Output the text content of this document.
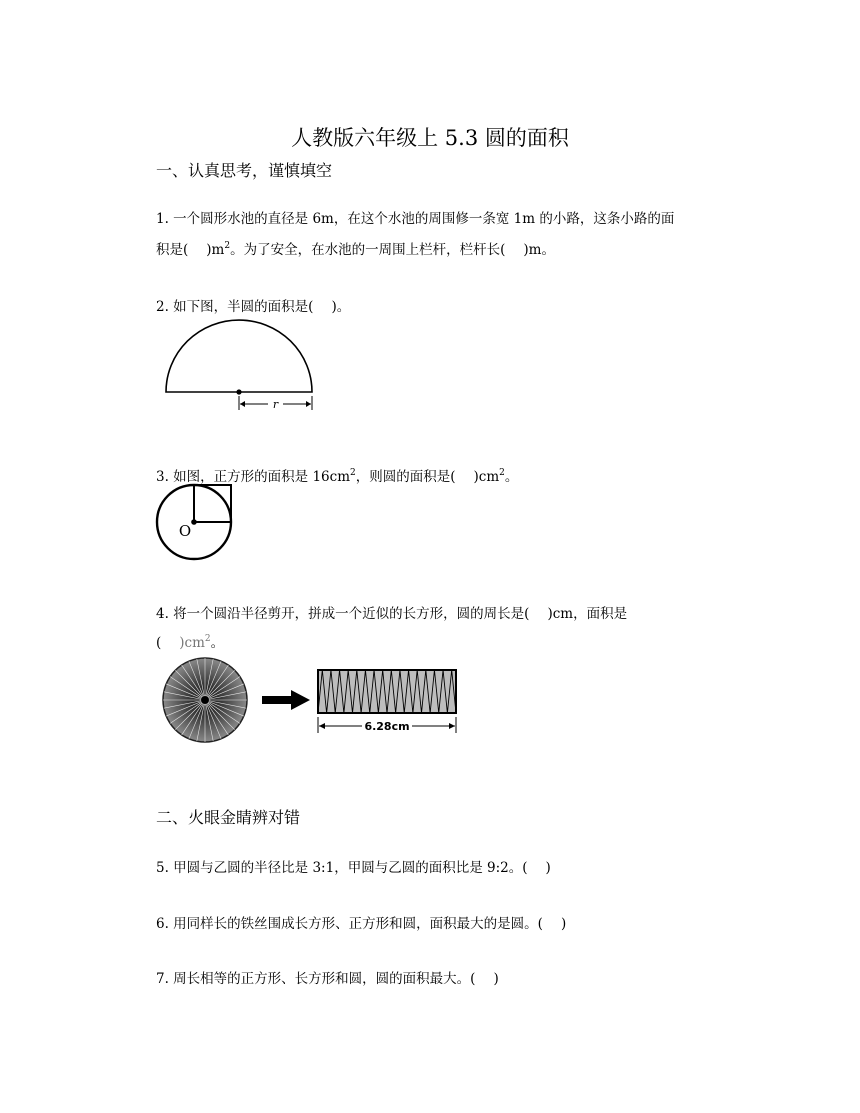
人教版六年级上 5.3 圆的面积
一、认真思考，谨慎填空
1. 一个圆形水池的直径是 6m，在这个水池的周围修一条宽 1m 的小路，这条小路的面
积是( )$m^2$。为了安全，在水池的一周围上栏杆，栏杆长( )m。
2. 如下图，半圆的面积是( )。
r
3. 如图，正方形的面积是 $16cm^2$，则圆的面积是( )$cm^2$。
O
4. 将一个圆沿半径剪开，拼成一个近似的长方形，圆的周长是( )cm，面积是
( )$cm^2$。
6.28cm
二、火眼金睛辨对错
5. 甲圆与乙圆的半径比是 3:1，甲圆与乙圆的面积比是 9:2。( )
6. 用同样长的铁丝围成长方形、正方形和圆，面积最大的是圆。( )
7. 周长相等的正方形、长方形和圆，圆的面积最大。( )
